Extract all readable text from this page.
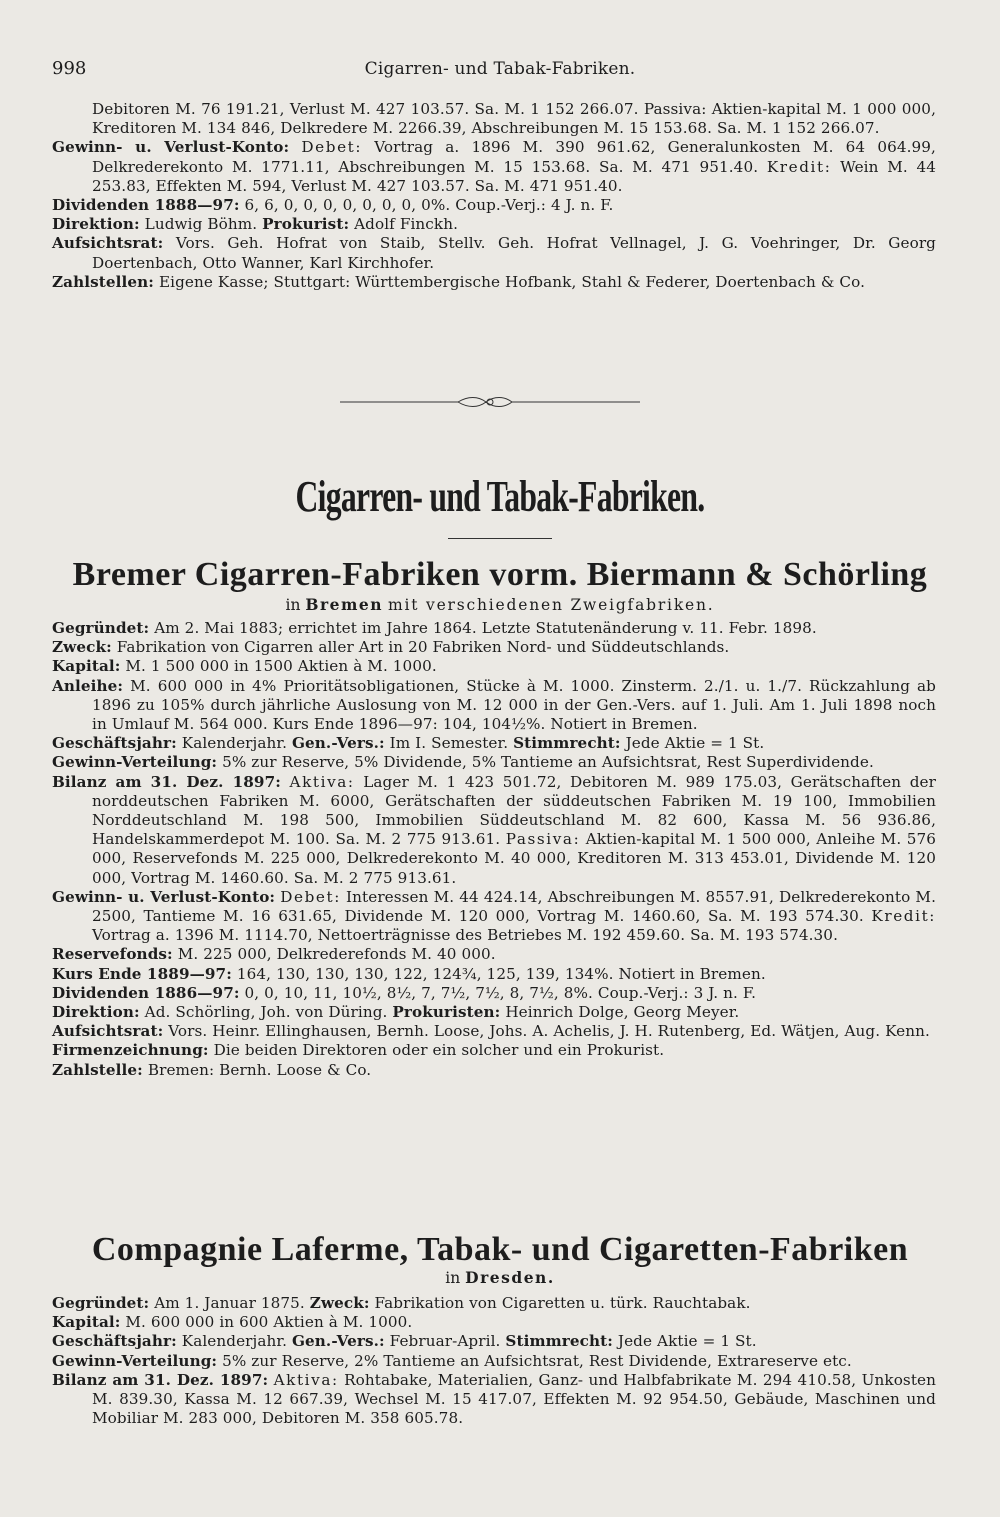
998	Cigarren- und Tabak-Fabriken.

Debitoren M. 76 191.21, Verlust M. 427 103.57. Sa. M. 1 152 266.07. Passiva: Aktien-kapital M. 1 000 000, Kreditoren M. 134 846, Delkredere M. 2266.39, Abschreibungen M. 15 153.68. Sa. M. 1 152 266.07.

Gewinn- u. Verlust-Konto: Debet: Vortrag a. 1896 M. 390 961.62, Generalunkosten M. 64 064.99, Delkrederekonto M. 1771.11, Abschreibungen M. 15 153.68. Sa. M. 471 951.40. Kredit: Wein M. 44 253.83, Effekten M. 594, Verlust M. 427 103.57. Sa. M. 471 951.40.

Dividenden 1888—97: 6, 6, 0, 0, 0, 0, 0, 0, 0, 0%. Coup.-Verj.: 4 J. n. F.

Direktion: Ludwig Böhm. Prokurist: Adolf Finckh.

Aufsichtsrat: Vors. Geh. Hofrat von Staib, Stellv. Geh. Hofrat Vellnagel, J. G. Voehringer, Dr. Georg Doertenbach, Otto Wanner, Karl Kirchhofer.

Zahlstellen: Eigene Kasse; Stuttgart: Württembergische Hofbank, Stahl & Federer, Doertenbach & Co.

Cigarren- und Tabak-Fabriken.
Bremer Cigarren-Fabriken vorm. Biermann & Schörling
in Bremen mit verschiedenen Zweigfabriken.

Gegründet: Am 2. Mai 1883; errichtet im Jahre 1864. Letzte Statutenänderung v. 11. Febr. 1898.

Zweck: Fabrikation von Cigarren aller Art in 20 Fabriken Nord- und Süddeutschlands.

Kapital: M. 1 500 000 in 1500 Aktien à M. 1000.

Anleihe: M. 600 000 in 4% Prioritätsobligationen, Stücke à M. 1000. Zinsterm. 2./1. u. 1./7. Rückzahlung ab 1896 zu 105% durch jährliche Auslosung von M. 12 000 in der Gen.-Vers. auf 1. Juli. Am 1. Juli 1898 noch in Umlauf M. 564 000. Kurs Ende 1896—97: 104, 104½%. Notiert in Bremen.

Geschäftsjahr: Kalenderjahr. Gen.-Vers.: Im I. Semester. Stimmrecht: Jede Aktie = 1 St.

Gewinn-Verteilung: 5% zur Reserve, 5% Dividende, 5% Tantieme an Aufsichtsrat, Rest Superdividende.

Bilanz am 31. Dez. 1897: Aktiva: Lager M. 1 423 501.72, Debitoren M. 989 175.03, Gerätschaften der norddeutschen Fabriken M. 6000, Gerätschaften der süddeutschen Fabriken M. 19 100, Immobilien Norddeutschland M. 198 500, Immobilien Süddeutschland M. 82 600, Kassa M. 56 936.86, Handelskammerdepot M. 100. Sa. M. 2 775 913.61. Passiva: Aktien-kapital M. 1 500 000, Anleihe M. 576 000, Reservefonds M. 225 000, Delkrederekonto M. 40 000, Kreditoren M. 313 453.01, Dividende M. 120 000, Vortrag M. 1460.60. Sa. M. 2 775 913.61.

Gewinn- u. Verlust-Konto: Debet: Interessen M. 44 424.14, Abschreibungen M. 8557.91, Delkrederekonto M. 2500, Tantieme M. 16 631.65, Dividende M. 120 000, Vortrag M. 1460.60, Sa. M. 193 574.30. Kredit: Vortrag a. 1396 M. 1114.70, Nettoerträgnisse des Betriebes M. 192 459.60. Sa. M. 193 574.30.

Reservefonds: M. 225 000, Delkrederefonds M. 40 000.

Kurs Ende 1889—97: 164, 130, 130, 130, 122, 124¾, 125, 139, 134%. Notiert in Bremen.

Dividenden 1886—97: 0, 0, 10, 11, 10½, 8½, 7, 7½, 7½, 8, 7½, 8%. Coup.-Verj.: 3 J. n. F.

Direktion: Ad. Schörling, Joh. von Düring. Prokuristen: Heinrich Dolge, Georg Meyer.

Aufsichtsrat: Vors. Heinr. Ellinghausen, Bernh. Loose, Johs. A. Achelis, J. H. Rutenberg, Ed. Wätjen, Aug. Kenn.

Firmenzeichnung: Die beiden Direktoren oder ein solcher und ein Prokurist.

Zahlstelle: Bremen: Bernh. Loose & Co.

Compagnie Laferme, Tabak- und Cigaretten-Fabriken
in Dresden.

Gegründet: Am 1. Januar 1875. Zweck: Fabrikation von Cigaretten u. türk. Rauchtabak.

Kapital: M. 600 000 in 600 Aktien à M. 1000.

Geschäftsjahr: Kalenderjahr. Gen.-Vers.: Februar-April. Stimmrecht: Jede Aktie = 1 St.

Gewinn-Verteilung: 5% zur Reserve, 2% Tantieme an Aufsichtsrat, Rest Dividende, Extrareserve etc.

Bilanz am 31. Dez. 1897: Aktiva: Rohtabake, Materialien, Ganz- und Halbfabrikate M. 294 410.58, Unkosten M. 839.30, Kassa M. 12 667.39, Wechsel M. 15 417.07, Effekten M. 92 954.50, Gebäude, Maschinen und Mobiliar M. 283 000, Debitoren M. 358 605.78.
